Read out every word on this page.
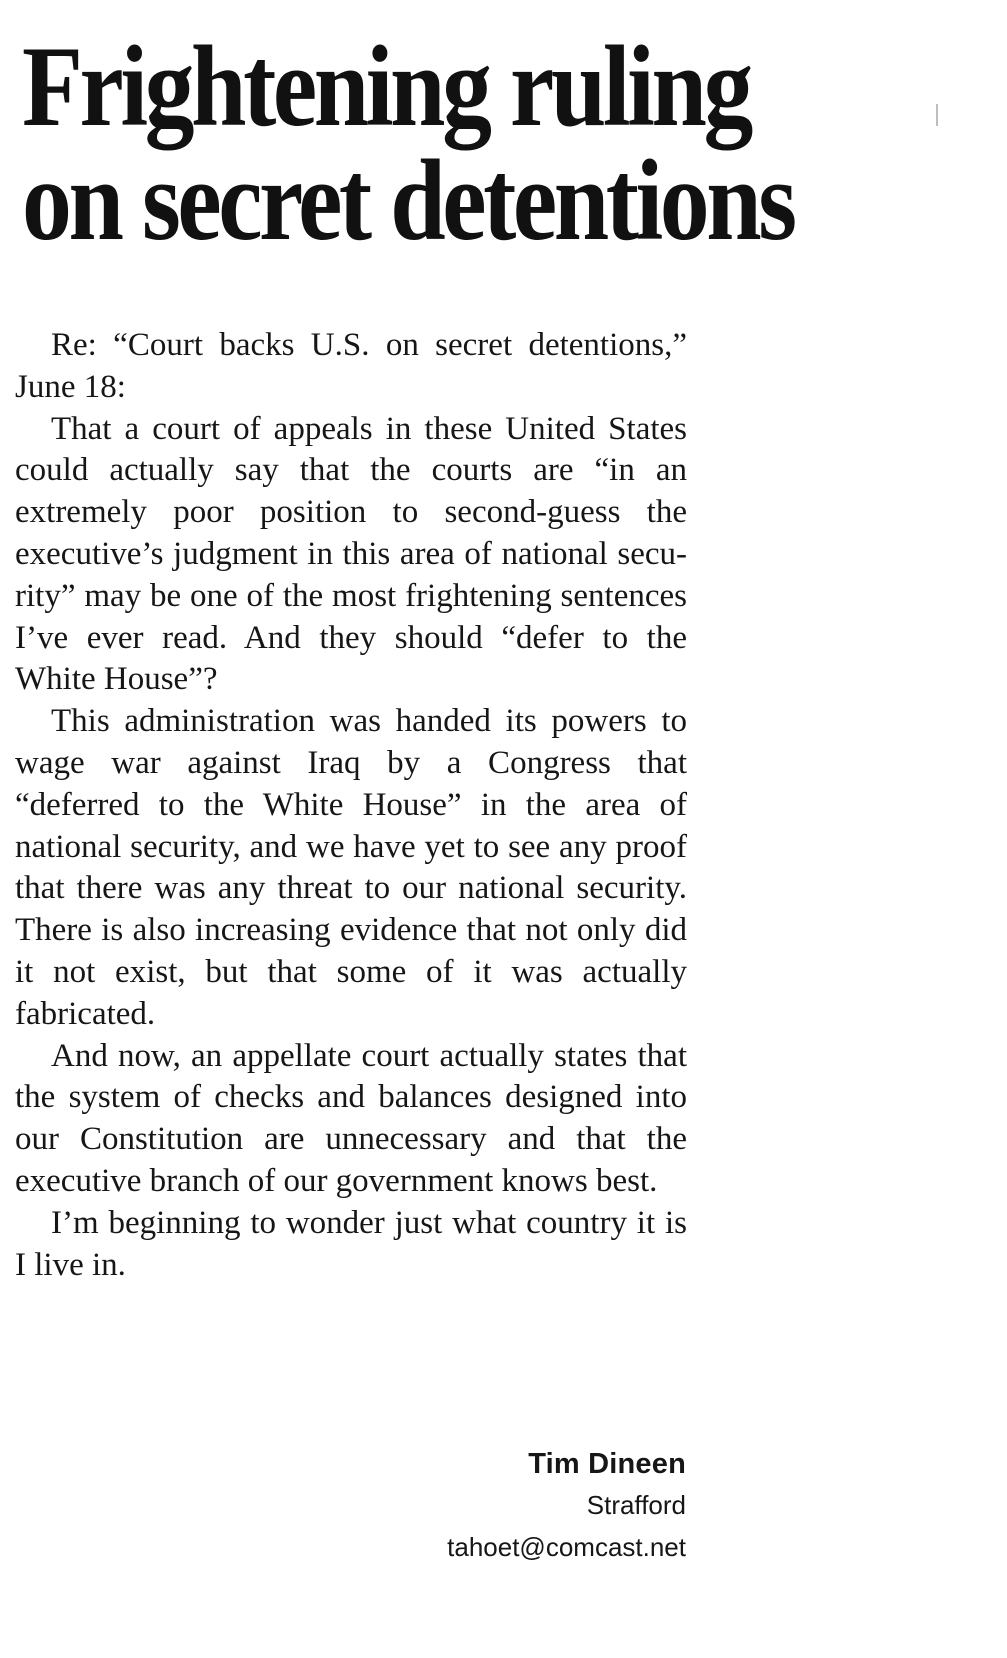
Frightening ruling
on secret detentions

Re: “Court backs U.S. on secret detentions,” June 18:

That a court of appeals in these United States could actually say that the courts are “in an extremely poor position to second-guess the executive’s judgment in this area of national security” may be one of the most frightening sentences I’ve ever read. And they should “defer to the White House”?

This administration was handed its powers to wage war against Iraq by a Congress that “deferred to the White House” in the area of national security, and we have yet to see any proof that there was any threat to our national security. There is also increasing evidence that not only did it not exist, but that some of it was actually fabricated.

And now, an appellate court actually states that the system of checks and balances designed into our Constitution are unnecessary and that the executive branch of our government knows best.

I’m beginning to wonder just what country it is I live in.

Tim Dineen
Strafford
tahoet@comcast.net
